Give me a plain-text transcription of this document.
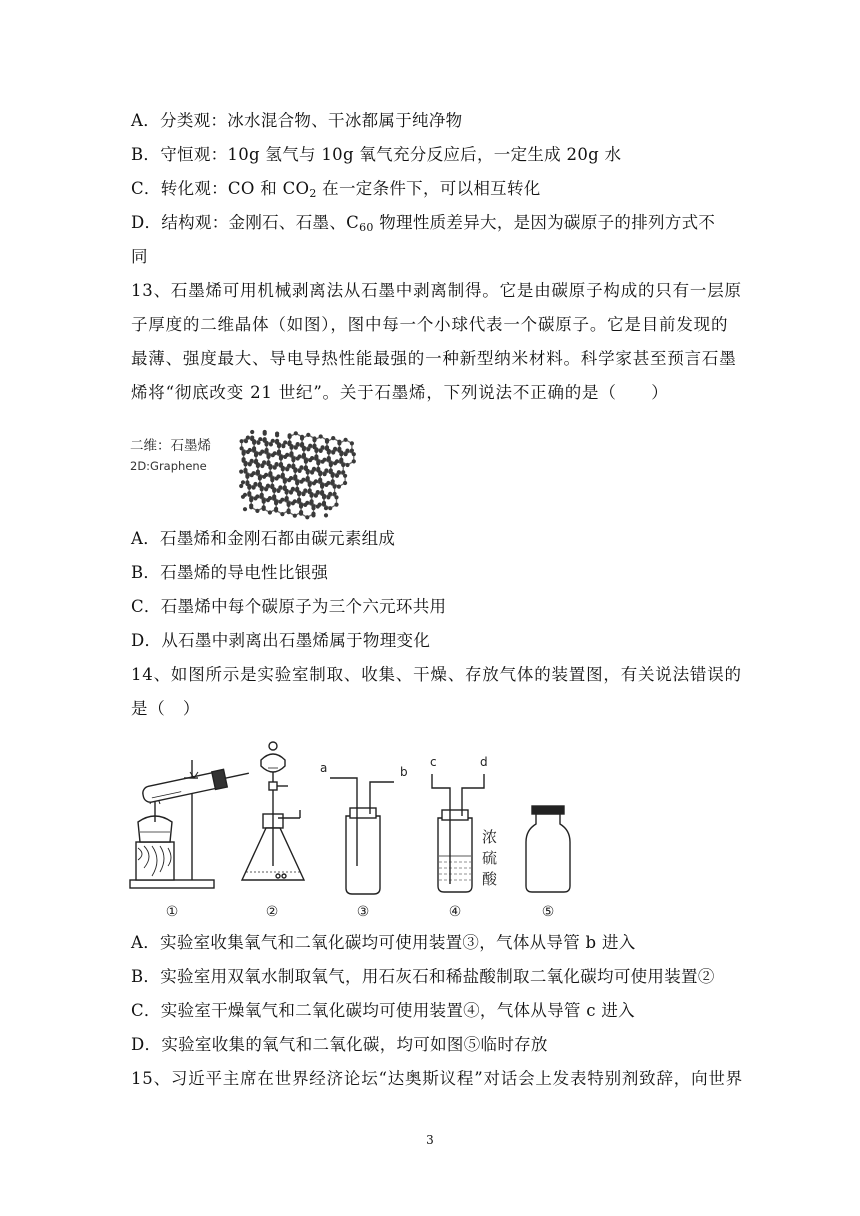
A．分类观：冰水混合物、干冰都属于纯净物
B．守恒观：10g 氢气与 10g 氧气充分反应后，一定生成 20g 水
C．转化观：CO 和 $CO_2$ 在一定条件下，可以相互转化
D．结构观：金刚石、石墨、$C_{60}$ 物理性质差异大，是因为碳原子的排列方式不
同
13、石墨烯可用机械剥离法从石墨中剥离制得。它是由碳原子构成的只有一层原
子厚度的二维晶体（如图），图中每一个小球代表一个碳原子。它是目前发现的
最薄、强度最大、导电导热性能最强的一种新型纳米材料。科学家甚至预言石墨
烯将“彻底改变 21 世纪”。关于石墨烯，下列说法不正确的是（　　）
二维：石墨烯
2D:Graphene
A．石墨烯和金刚石都由碳元素组成
B．石墨烯的导电性比银强
C．石墨烯中每个碳原子为三个六元环共用
D．从石墨中剥离出石墨烯属于物理变化
14、如图所示是实验室制取、收集、干燥、存放气体的装置图，有关说法错误的
是（　）
a	b
c	d
浓
硫
酸
①	②	③	④	⑤
A．实验室收集氧气和二氧化碳均可使用装置③，气体从导管 b 进入
B．实验室用双氧水制取氧气，用石灰石和稀盐酸制取二氧化碳均可使用装置②
C．实验室干燥氧气和二氧化碳均可使用装置④，气体从导管 c 进入
D．实验室收集的氧气和二氧化碳，均可如图⑤临时存放
15、习近平主席在世界经济论坛“达奥斯议程”对话会上发表特别剂致辞，向世界
3
